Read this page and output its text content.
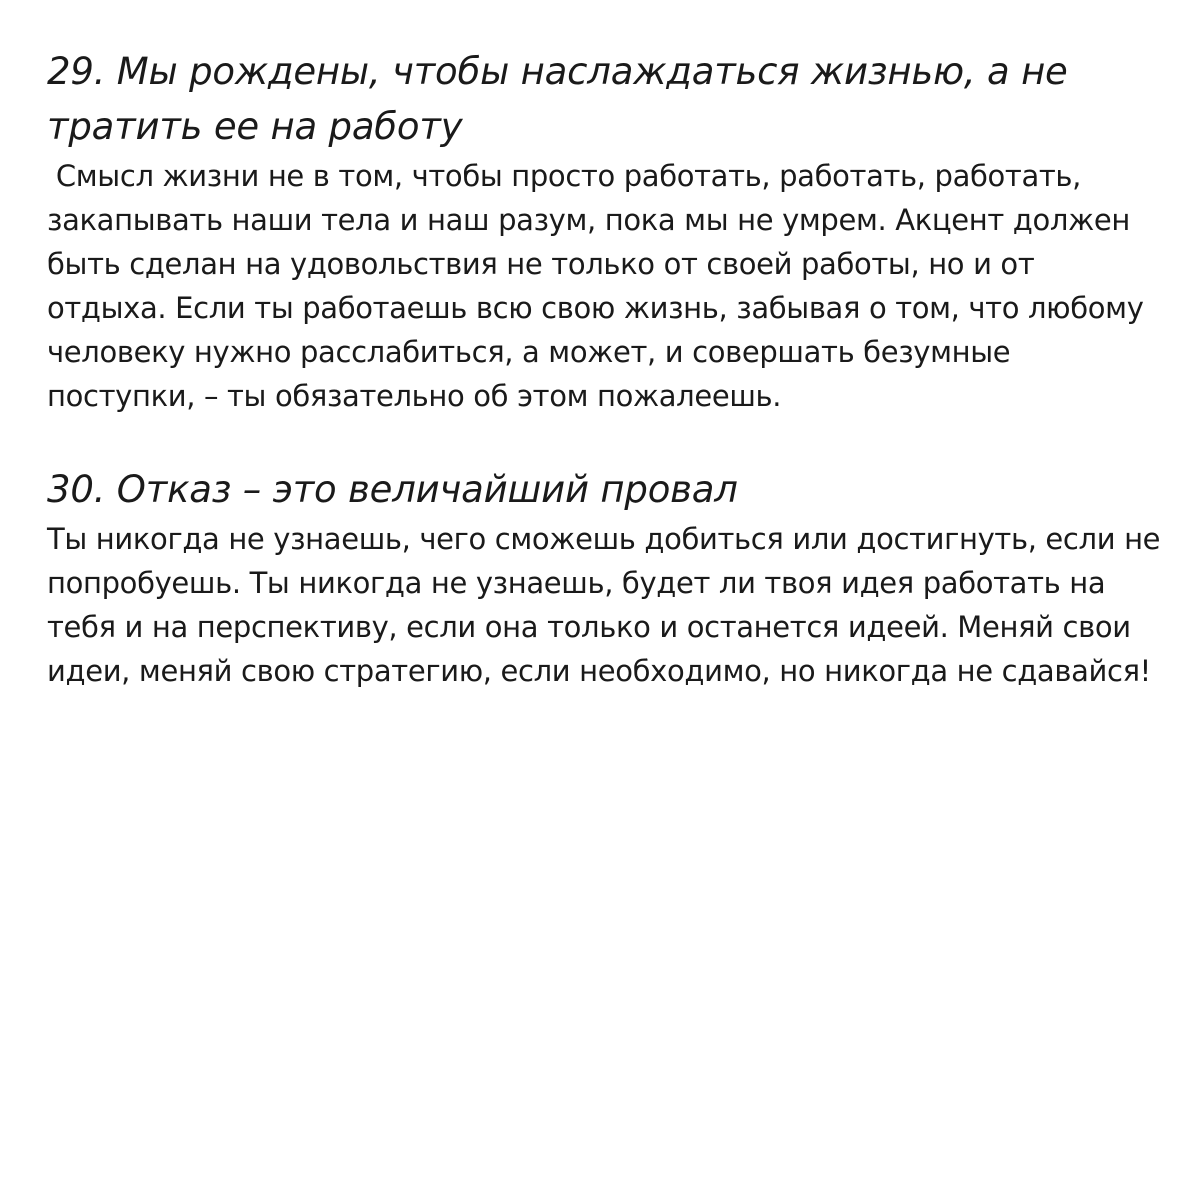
29. Мы рождены, чтобы наслаждаться жизнью, а не тратить ее на работу

Смысл жизни не в том, чтобы просто работать, работать, работать, закапывать наши тела и наш разум, пока мы не умрем. Акцент должен быть сделан на удовольствия не только от своей работы, но и от отдыха. Если ты работаешь всю свою жизнь, забывая о том, что любому человеку нужно расслабиться, а может, и совершать безумные поступки, – ты обязательно об этом пожалеешь.

30. Отказ – это величайший провал

Ты никогда не узнаешь, чего сможешь добиться или достигнуть, если не попробуешь. Ты никогда не узнаешь, будет ли твоя идея работать на тебя и на перспективу, если она только и останется идеей. Меняй свои идеи, меняй свою стратегию, если необходимо, но никогда не сдавайся!
